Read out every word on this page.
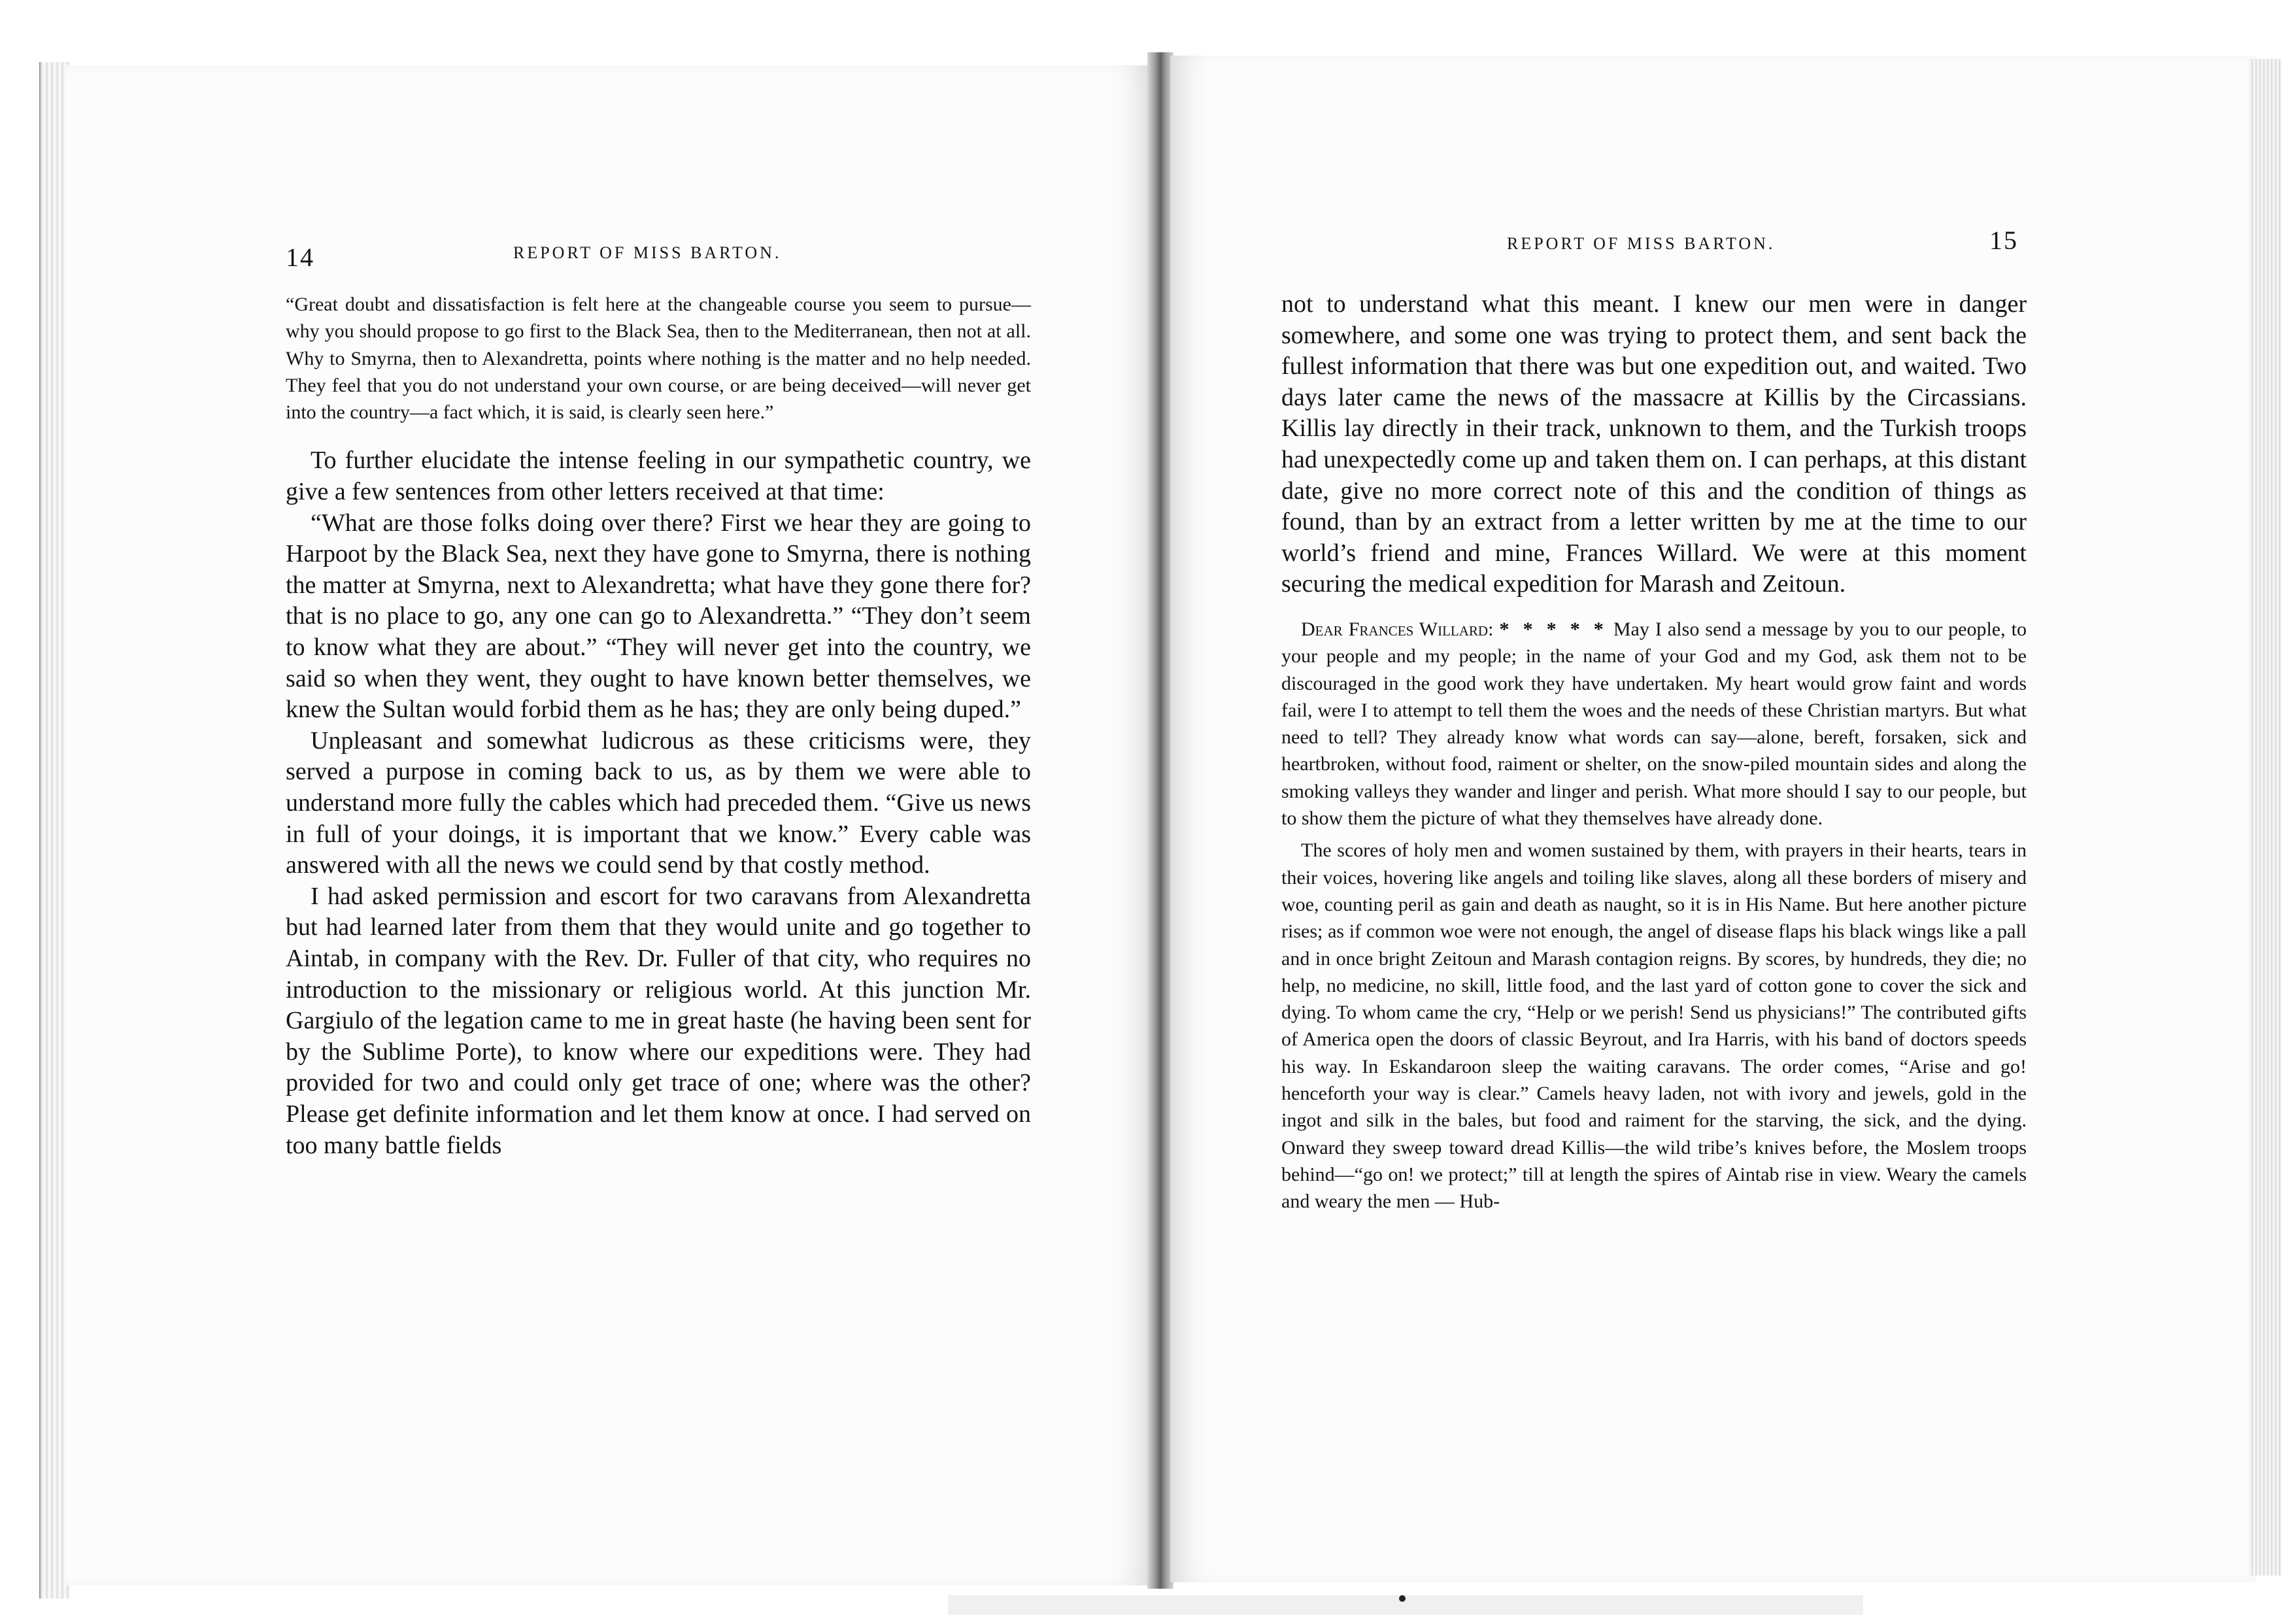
14	REPORT OF MISS BARTON.

“Great doubt and dissatisfaction is felt here at the changeable course you seem to pursue—why you should propose to go first to the Black Sea, then to the Mediterranean, then not at all. Why to Smyrna, then to Alexandretta, points where nothing is the matter and no help needed. They feel that you do not understand your own course, or are being deceived—will never get into the country—a fact which, it is said, is clearly seen here.”

To further elucidate the intense feeling in our sympathetic country, we give a few sentences from other letters received at that time:

“What are those folks doing over there? First we hear they are going to Harpoot by the Black Sea, next they have gone to Smyrna, there is nothing the matter at Smyrna, next to Alexandretta; what have they gone there for? that is no place to go, any one can go to Alexandretta.” “They don’t seem to know what they are about.” “They will never get into the country, we said so when they went, they ought to have known better themselves, we knew the Sultan would forbid them as he has; they are only being duped.”

Unpleasant and somewhat ludicrous as these criticisms were, they served a purpose in coming back to us, as by them we were able to understand more fully the cables which had preceded them. “Give us news in full of your doings, it is important that we know.” Every cable was answered with all the news we could send by that costly method.

I had asked permission and escort for two caravans from Alexandretta but had learned later from them that they would unite and go together to Aintab, in company with the Rev. Dr. Fuller of that city, who requires no introduction to the missionary or religious world. At this junction Mr. Gargiulo of the legation came to me in great haste (he having been sent for by the Sublime Porte), to know where our expeditions were. They had provided for two and could only get trace of one; where was the other? Please get definite information and let them know at once. I had served on too many battle fields

REPORT OF MISS BARTON.	15

not to understand what this meant. I knew our men were in danger somewhere, and some one was trying to protect them, and sent back the fullest information that there was but one expedition out, and waited. Two days later came the news of the massacre at Killis by the Circassians. Killis lay directly in their track, unknown to them, and the Turkish troops had unexpectedly come up and taken them on. I can perhaps, at this distant date, give no more correct note of this and the condition of things as found, than by an extract from a letter written by me at the time to our world’s friend and mine, Frances Willard. We were at this moment securing the medical expedition for Marash and Zeitoun.

Dear Frances Willard: * * * * * May I also send a message by you to our people, to your people and my people; in the name of your God and my God, ask them not to be discouraged in the good work they have undertaken. My heart would grow faint and words fail, were I to attempt to tell them the woes and the needs of these Christian martyrs. But what need to tell? They already know what words can say—alone, bereft, forsaken, sick and heartbroken, without food, raiment or shelter, on the snow-piled mountain sides and along the smoking valleys they wander and linger and perish. What more should I say to our people, but to show them the picture of what they themselves have already done.

The scores of holy men and women sustained by them, with prayers in their hearts, tears in their voices, hovering like angels and toiling like slaves, along all these borders of misery and woe, counting peril as gain and death as naught, so it is in His Name. But here another picture rises; as if common woe were not enough, the angel of disease flaps his black wings like a pall and in once bright Zeitoun and Marash contagion reigns. By scores, by hundreds, they die; no help, no medicine, no skill, little food, and the last yard of cotton gone to cover the sick and dying. To whom came the cry, “Help or we perish! Send us physicians!” The contributed gifts of America open the doors of classic Beyrout, and Ira Harris, with his band of doctors speeds his way. In Eskandaroon sleep the waiting caravans. The order comes, “Arise and go! henceforth your way is clear.” Camels heavy laden, not with ivory and jewels, gold in the ingot and silk in the bales, but food and raiment for the starving, the sick, and the dying. Onward they sweep toward dread Killis—the wild tribe’s knives before, the Moslem troops behind—“go on! we protect;” till at length the spires of Aintab rise in view. Weary the camels and weary the men — Hub-
